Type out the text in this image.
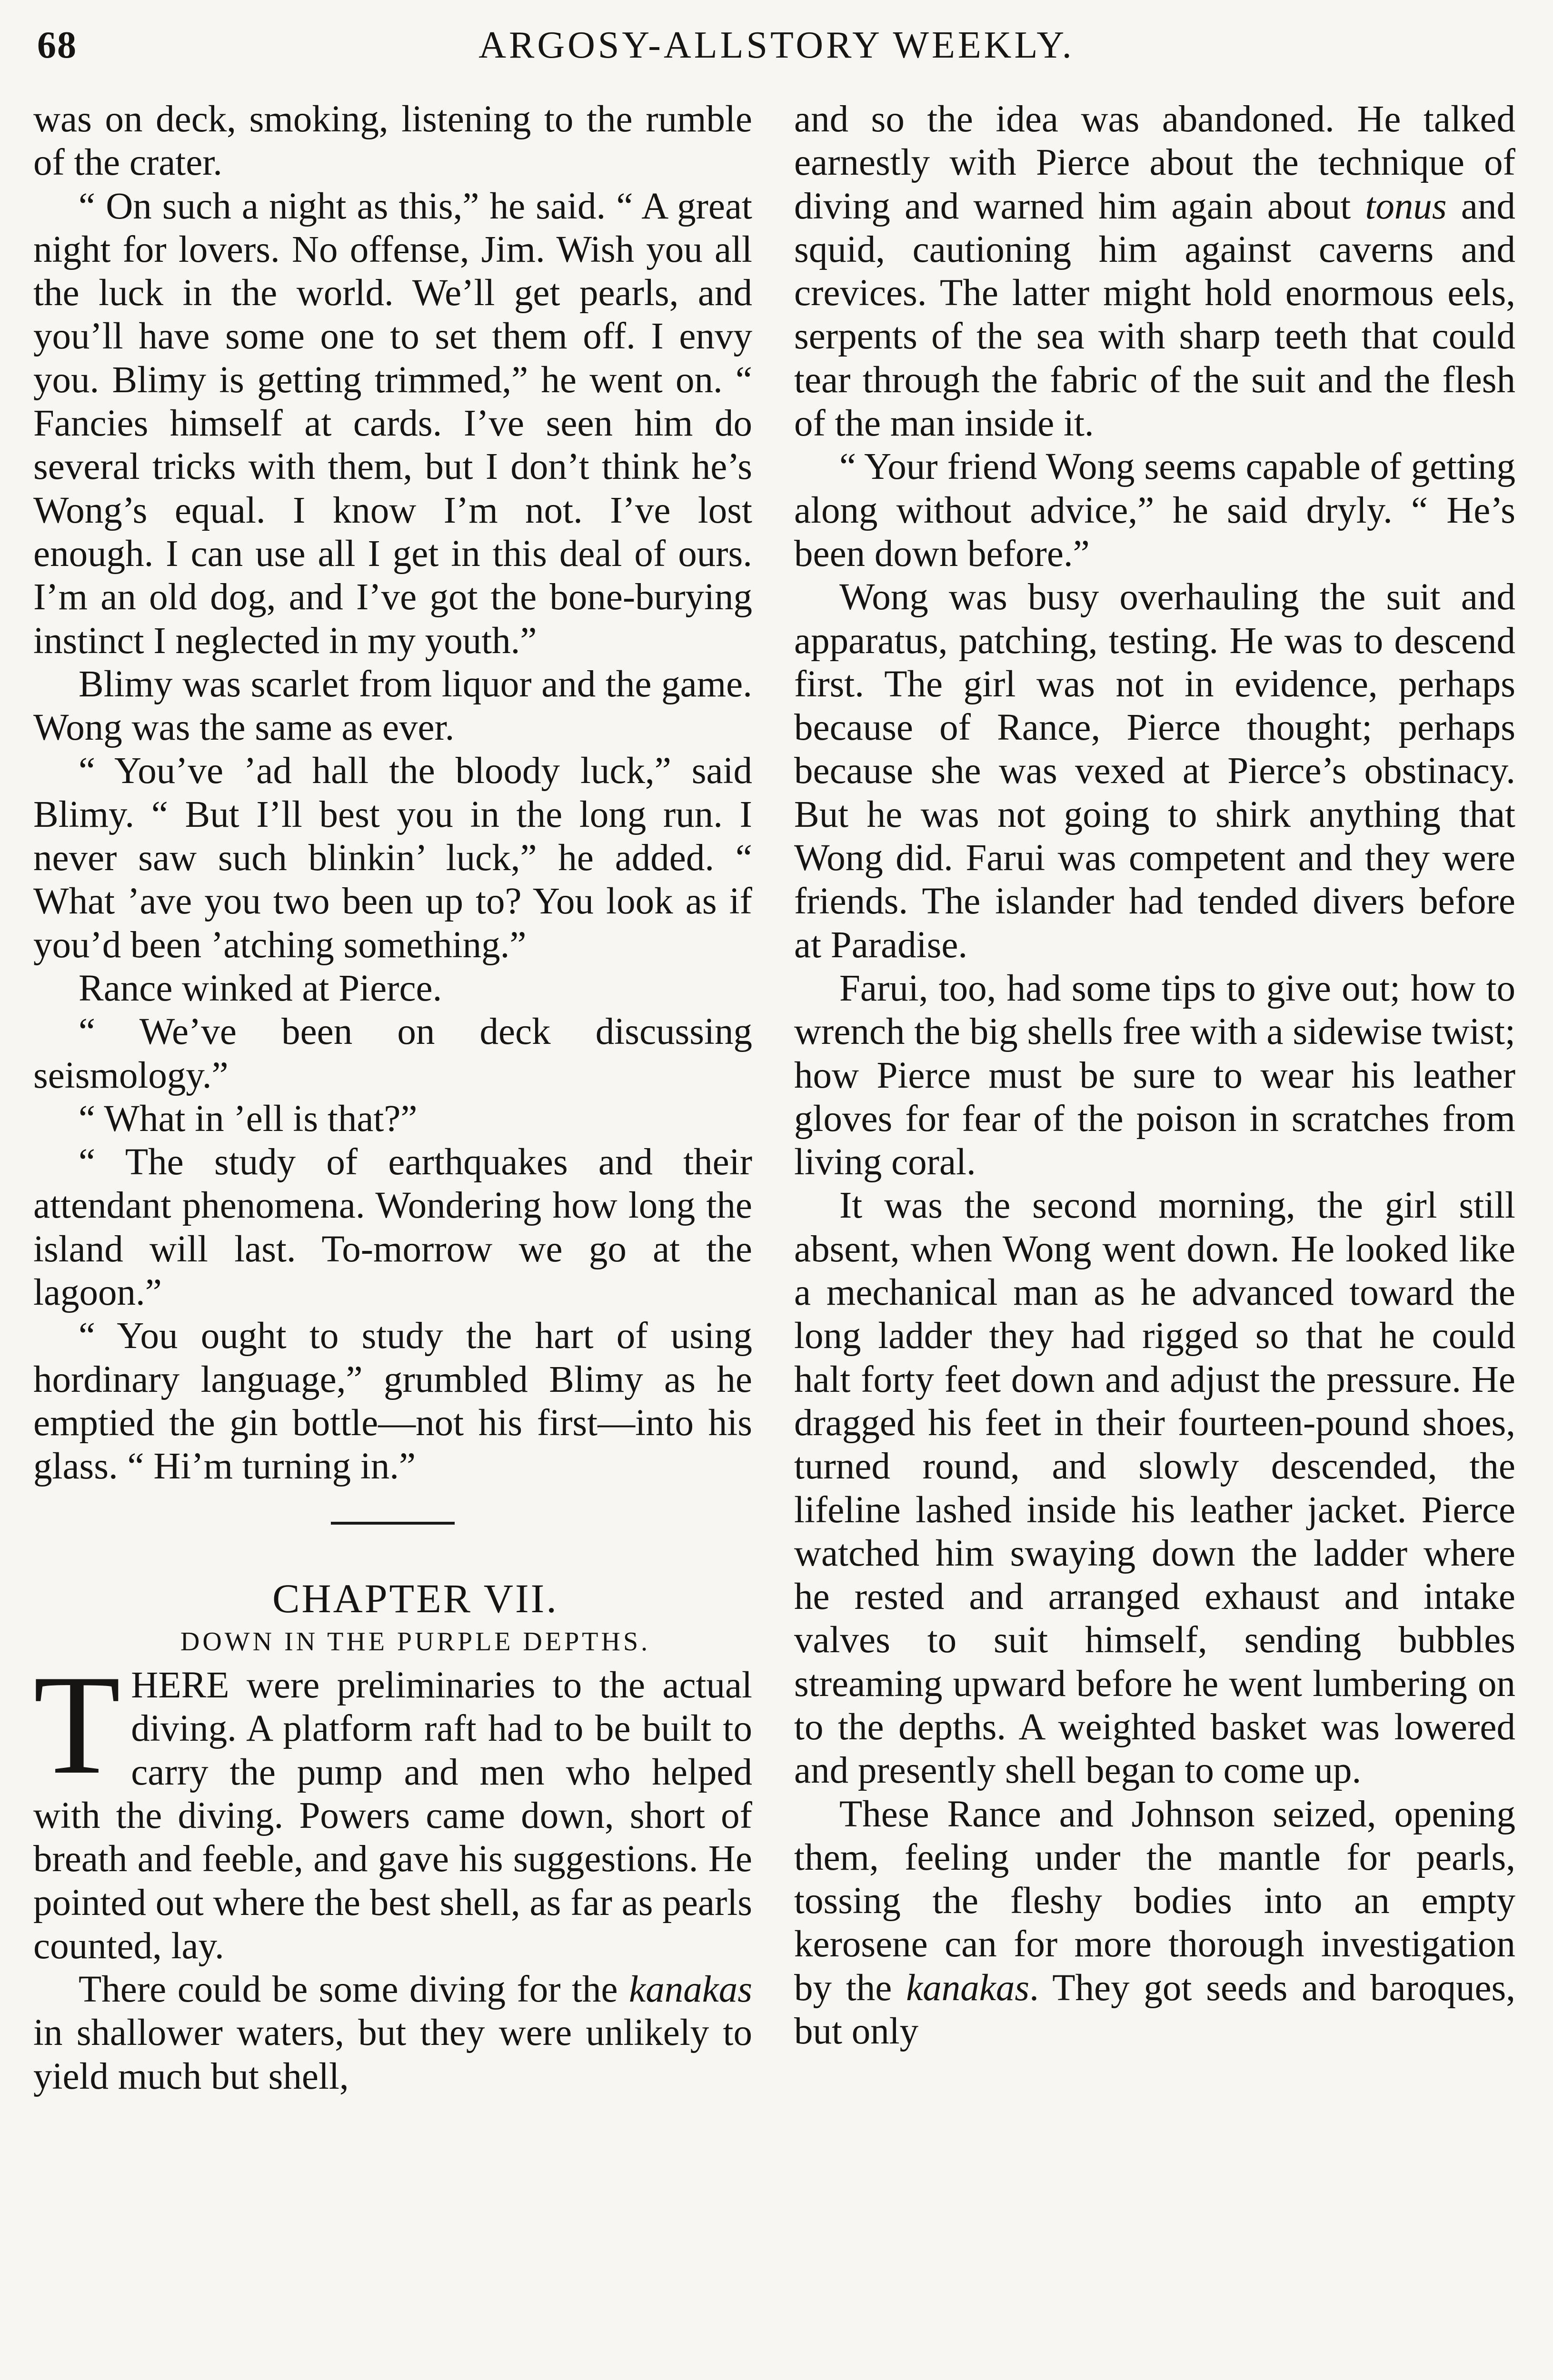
68	ARGOSY-ALLSTORY WEEKLY.

was on deck, smoking, listening to the rumble of the crater.

“ On such a night as this,” he said. “ A great night for lovers. No offense, Jim. Wish you all the luck in the world. We’ll get pearls, and you’ll have some one to set them off. I envy you. Blimy is getting trimmed,” he went on. “ Fancies himself at cards. I’ve seen him do several tricks with them, but I don’t think he’s Wong’s equal. I know I’m not. I’ve lost enough. I can use all I get in this deal of ours. I’m an old dog, and I’ve got the bone-burying instinct I neglected in my youth.”

Blimy was scarlet from liquor and the game. Wong was the same as ever.

“ You’ve ’ad hall the bloody luck,” said Blimy. “ But I’ll best you in the long run. I never saw such blinkin’ luck,” he added. “ What ’ave you two been up to? You look as if you’d been ’atching something.”

Rance winked at Pierce.

“ We’ve been on deck discussing seismology.”

“ What in ’ell is that?”

“ The study of earthquakes and their attendant phenomena. Wondering how long the island will last. To-morrow we go at the lagoon.”

“ You ought to study the hart of using hordinary language,” grumbled Blimy as he emptied the gin bottle—not his first—into his glass. “ Hi’m turning in.”

CHAPTER VII.

DOWN IN THE PURPLE DEPTHS.

THERE were preliminaries to the actual diving. A platform raft had to be built to carry the pump and men who helped with the diving. Powers came down, short of breath and feeble, and gave his suggestions. He pointed out where the best shell, as far as pearls counted, lay.

There could be some diving for the kanakas in shallower waters, but they were unlikely to yield much but shell,

and so the idea was abandoned. He talked earnestly with Pierce about the technique of diving and warned him again about tonus and squid, cautioning him against caverns and crevices. The latter might hold enormous eels, serpents of the sea with sharp teeth that could tear through the fabric of the suit and the flesh of the man inside it.

“ Your friend Wong seems capable of getting along without advice,” he said dryly. “ He’s been down before.”

Wong was busy overhauling the suit and apparatus, patching, testing. He was to descend first. The girl was not in evidence, perhaps because of Rance, Pierce thought; perhaps because she was vexed at Pierce’s obstinacy. But he was not going to shirk anything that Wong did. Farui was competent and they were friends. The islander had tended divers before at Paradise.

Farui, too, had some tips to give out; how to wrench the big shells free with a sidewise twist; how Pierce must be sure to wear his leather gloves for fear of the poison in scratches from living coral.

It was the second morning, the girl still absent, when Wong went down. He looked like a mechanical man as he advanced toward the long ladder they had rigged so that he could halt forty feet down and adjust the pressure. He dragged his feet in their fourteen-pound shoes, turned round, and slowly descended, the lifeline lashed inside his leather jacket. Pierce watched him swaying down the ladder where he rested and arranged exhaust and intake valves to suit himself, sending bubbles streaming upward before he went lumbering on to the depths. A weighted basket was lowered and presently shell began to come up.

These Rance and Johnson seized, opening them, feeling under the mantle for pearls, tossing the fleshy bodies into an empty kerosene can for more thorough investigation by the kanakas. They got seeds and baroques, but only
